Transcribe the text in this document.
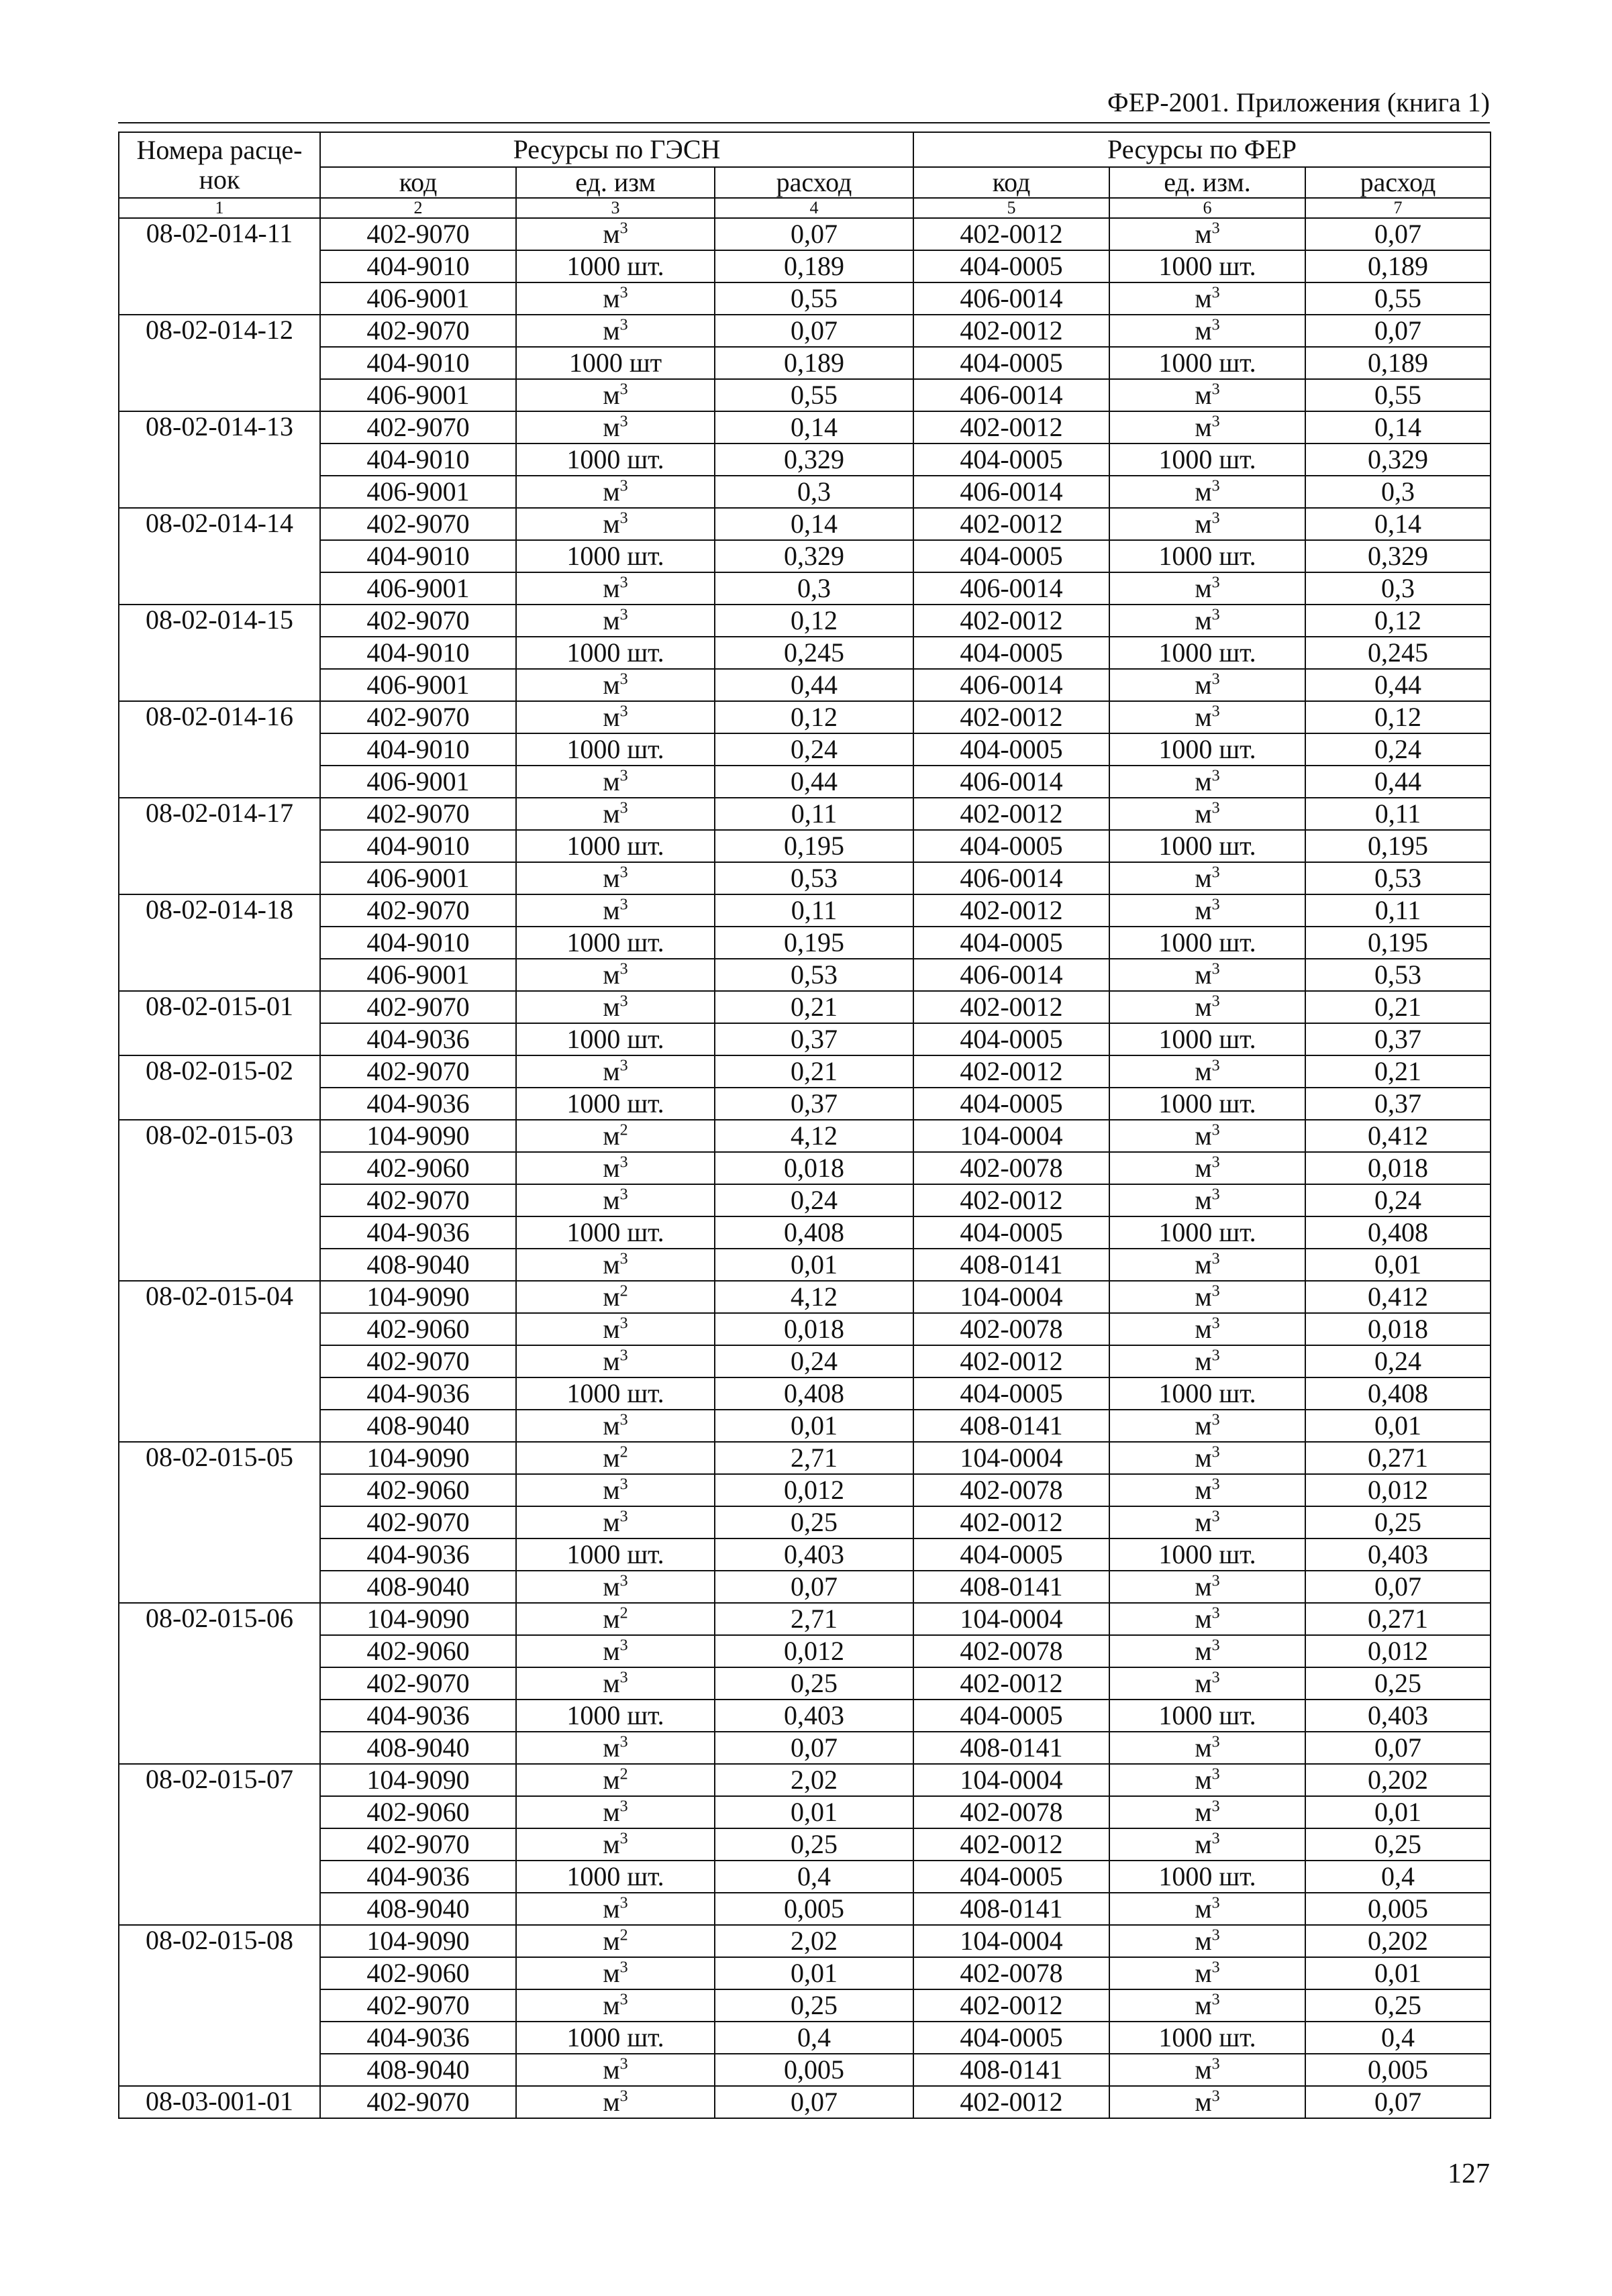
ФЕР-2001. Приложения (книга 1)
Номера расце-нок	Ресурсы по ГЭСН			Ресурсы по ФЕР		
	код	ед. изм	расход	код	ед. изм.	расход
1	2	3	4	5	6	7
08-02-014-11	402-9070	$м^3$	0,07	402-0012	$м^3$	0,07
	404-9010	1000 шт.	0,189	404-0005	1000 шт.	0,189
	406-9001	$м^3$	0,55	406-0014	$м^3$	0,55
08-02-014-12	402-9070	$м^3$	0,07	402-0012	$м^3$	0,07
	404-9010	1000 шт	0,189	404-0005	1000 шт.	0,189
	406-9001	$м^3$	0,55	406-0014	$м^3$	0,55
08-02-014-13	402-9070	$м^3$	0,14	402-0012	$м^3$	0,14
	404-9010	1000 шт.	0,329	404-0005	1000 шт.	0,329
	406-9001	$м^3$	0,3	406-0014	$м^3$	0,3
08-02-014-14	402-9070	$м^3$	0,14	402-0012	$м^3$	0,14
	404-9010	1000 шт.	0,329	404-0005	1000 шт.	0,329
	406-9001	$м^3$	0,3	406-0014	$м^3$	0,3
08-02-014-15	402-9070	$м^3$	0,12	402-0012	$м^3$	0,12
	404-9010	1000 шт.	0,245	404-0005	1000 шт.	0,245
	406-9001	$м^3$	0,44	406-0014	$м^3$	0,44
08-02-014-16	402-9070	$м^3$	0,12	402-0012	$м^3$	0,12
	404-9010	1000 шт.	0,24	404-0005	1000 шт.	0,24
	406-9001	$м^3$	0,44	406-0014	$м^3$	0,44
08-02-014-17	402-9070	$м^3$	0,11	402-0012	$м^3$	0,11
	404-9010	1000 шт.	0,195	404-0005	1000 шт.	0,195
	406-9001	$м^3$	0,53	406-0014	$м^3$	0,53
08-02-014-18	402-9070	$м^3$	0,11	402-0012	$м^3$	0,11
	404-9010	1000 шт.	0,195	404-0005	1000 шт.	0,195
	406-9001	$м^3$	0,53	406-0014	$м^3$	0,53
08-02-015-01	402-9070	$м^3$	0,21	402-0012	$м^3$	0,21
	404-9036	1000 шт.	0,37	404-0005	1000 шт.	0,37
08-02-015-02	402-9070	$м^3$	0,21	402-0012	$м^3$	0,21
	404-9036	1000 шт.	0,37	404-0005	1000 шт.	0,37
08-02-015-03	104-9090	$м^2$	4,12	104-0004	$м^3$	0,412
	402-9060	$м^3$	0,018	402-0078	$м^3$	0,018
	402-9070	$м^3$	0,24	402-0012	$м^3$	0,24
	404-9036	1000 шт.	0,408	404-0005	1000 шт.	0,408
	408-9040	$м^3$	0,01	408-0141	$м^3$	0,01
08-02-015-04	104-9090	$м^2$	4,12	104-0004	$м^3$	0,412
	402-9060	$м^3$	0,018	402-0078	$м^3$	0,018
	402-9070	$м^3$	0,24	402-0012	$м^3$	0,24
	404-9036	1000 шт.	0,408	404-0005	1000 шт.	0,408
	408-9040	$м^3$	0,01	408-0141	$м^3$	0,01
08-02-015-05	104-9090	$м^2$	2,71	104-0004	$м^3$	0,271
	402-9060	$м^3$	0,012	402-0078	$м^3$	0,012
	402-9070	$м^3$	0,25	402-0012	$м^3$	0,25
	404-9036	1000 шт.	0,403	404-0005	1000 шт.	0,403
	408-9040	$м^3$	0,07	408-0141	$м^3$	0,07
08-02-015-06	104-9090	$м^2$	2,71	104-0004	$м^3$	0,271
	402-9060	$м^3$	0,012	402-0078	$м^3$	0,012
	402-9070	$м^3$	0,25	402-0012	$м^3$	0,25
	404-9036	1000 шт.	0,403	404-0005	1000 шт.	0,403
	408-9040	$м^3$	0,07	408-0141	$м^3$	0,07
08-02-015-07	104-9090	$м^2$	2,02	104-0004	$м^3$	0,202
	402-9060	$м^3$	0,01	402-0078	$м^3$	0,01
	402-9070	$м^3$	0,25	402-0012	$м^3$	0,25
	404-9036	1000 шт.	0,4	404-0005	1000 шт.	0,4
	408-9040	$м^3$	0,005	408-0141	$м^3$	0,005
08-02-015-08	104-9090	$м^2$	2,02	104-0004	$м^3$	0,202
	402-9060	$м^3$	0,01	402-0078	$м^3$	0,01
	402-9070	$м^3$	0,25	402-0012	$м^3$	0,25
	404-9036	1000 шт.	0,4	404-0005	1000 шт.	0,4
	408-9040	$м^3$	0,005	408-0141	$м^3$	0,005
08-03-001-01	402-9070	$м^3$	0,07	402-0012	$м^3$	0,07
127
